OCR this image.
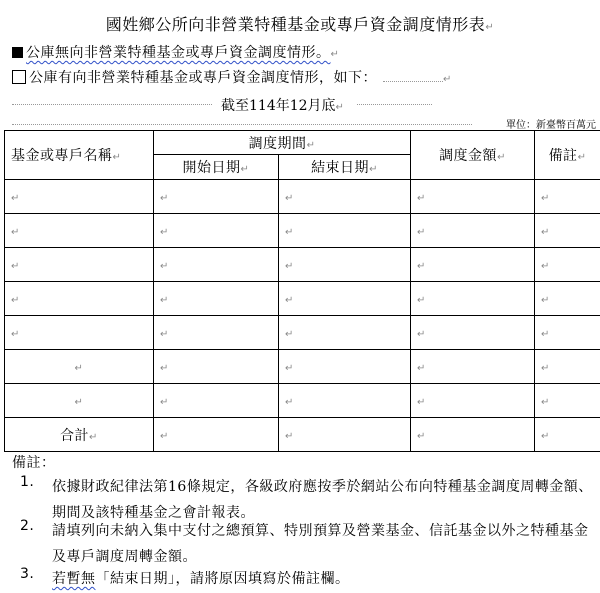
國姓鄉公所向非營業特種基金或專戶資金調度情形表↵
公庫無向非營業特種基金或專戶資金調度情形。↵
公庫有向非營業特種基金或專戶資金調度情形，如下：	↵
截至114年12月底↵
單位：新臺幣百萬元
基金或專戶名稱↵	調度期間↵		調度金額↵	備註↵
	開始日期↵	結束日期↵		
↵	↵	↵	↵	↵
↵	↵	↵	↵	↵
↵	↵	↵	↵	↵
↵	↵	↵	↵	↵
↵	↵	↵	↵	↵
↵	↵	↵	↵	↵
↵	↵	↵	↵	↵
合計↵	↵	↵	↵	↵
備註：
1. 依據財政紀律法第16條規定，各級政府應按季於網站公布向特種基金調度周轉金額、期間及該特種基金之會計報表。
2. 請填列向未納入集中支付之總預算、特別預算及營業基金、信託基金以外之特種基金及專戶調度周轉金額。
3. 若暫無「結束日期」，請將原因填寫於備註欄。
